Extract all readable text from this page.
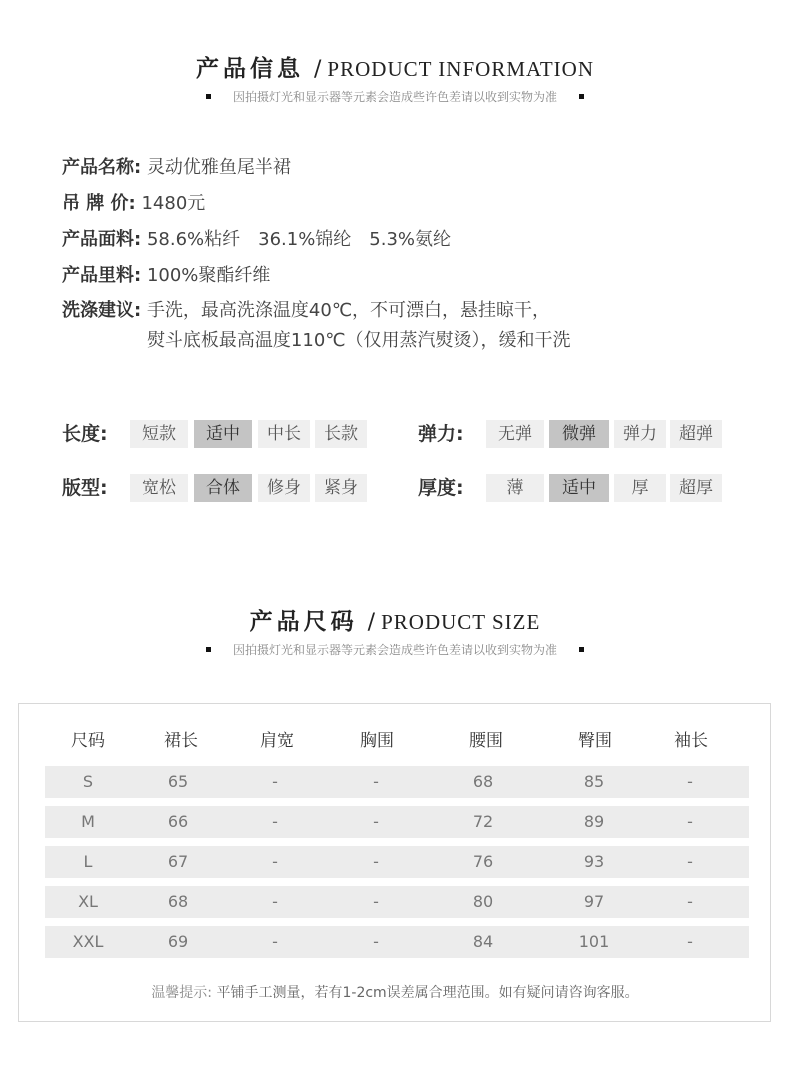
产品信息 / PRODUCT INFORMATION
因拍摄灯光和显示器等元素会造成些许色差请以收到实物为准
产品名称: 灵动优雅鱼尾半裙
吊 牌 价: 1480元
产品面料: 58.6%粘纤　36.1%锦纶　5.3%氨纶
产品里料: 100%聚酯纤维
洗涤建议: 手洗，最高洗涤温度40℃，不可漂白，悬挂晾干，
熨斗底板最高温度110℃（仅用蒸汽熨烫），缓和干洗
长度:	短款	适中	中长	长款	弹力:	无弹	微弹	弹力	超弹
版型:	宽松	合体	修身	紧身	厚度:	薄	适中	厚	超厚
产品尺码 / PRODUCT SIZE
因拍摄灯光和显示器等元素会造成些许色差请以收到实物为准
尺码	裙长	肩宽	胸围	腰围	臀围	袖长
S	65	-	-	68	85	-
M	66	-	-	72	89	-
L	67	-	-	76	93	-
XL	68	-	-	80	97	-
XXL	69	-	-	84	101	-
温馨提示: 平铺手工测量，若有1-2cm误差属合理范围。如有疑问请咨询客服。
